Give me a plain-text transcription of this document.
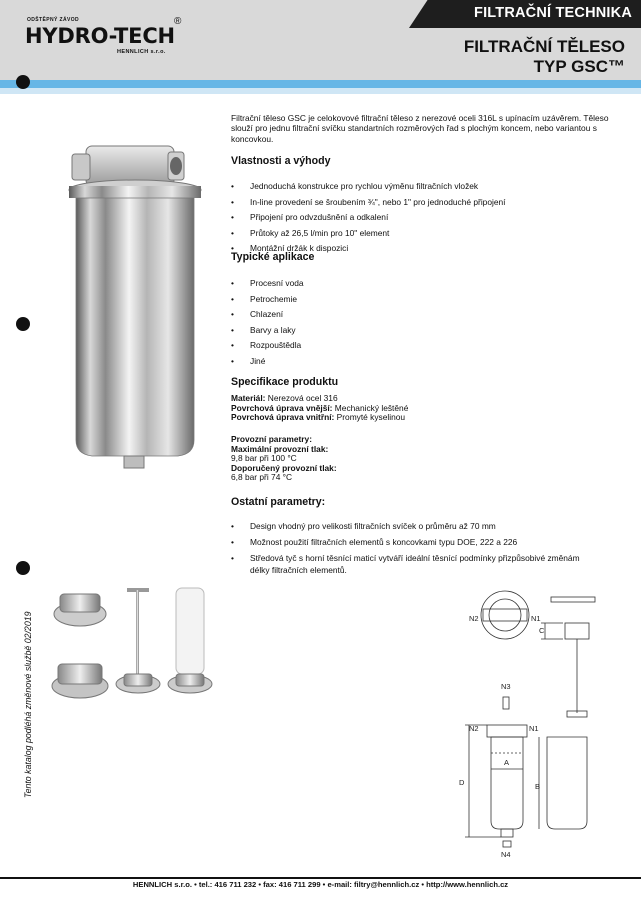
FILTRAČNÍ TECHNIKA
ODŠTĚPNÝ ZÁVOD
HYDRO-TECH
®
HENNLICH s.r.o.	FILTRAČNÍ TĚLESO
TYP GSC™
Filtrační těleso GSC je celokovové filtrační těleso z nerezové oceli 316L s upínacím uzávěrem. Těleso slouží pro jednu filtrační svíčku standartních rozměrových řad s plochým koncem, nebo variantou s koncovkou.
Vlastnosti a výhody
• Jednoduchá konstrukce pro rychlou výměnu filtračních vložek
• In-line provedení se šroubením ¾", nebo 1" pro jednoduché připojení
• Připojení pro odvzdušnění a odkalení
• Průtoky až 26,5 l/min pro 10" element
• Montážní držák k dispozici
Typické aplikace
• Procesní voda
• Petrochemie
• Chlazení
• Barvy a laky
• Rozpouštědla
• Jiné
Specifikace produktu
Materiál: Nerezová ocel 316
Povrchová úprava vnější: Mechanický leštěné
Povrchová úprava vnitřní: Promyté kyselinou
Provozní parametry:
Maximální provozní tlak:
9,8 bar při 100 °C
Doporučený provozní tlak:
6,8 bar při 74 °C
Ostatní parametry:
• Design vhodný pro velikosti filtračních svíček o průměru až 70 mm
• Možnost použití filtračních elementů s koncovkami typu DOE, 222 a 226
• Středová tyč s horní těsnící maticí vytváří ideální těsnící podmínky přizpůsobivé změnám délky filtračních elementů.
N2	N1
C
N3
N2	N1
A
D	B
N4
Tento katalog podléhá změnové službě 02/2019
HENNLICH s.r.o. • tel.: 416 711 232 • fax: 416 711 299 • e-mail: filtry@hennlich.cz • http://www.hennlich.cz
